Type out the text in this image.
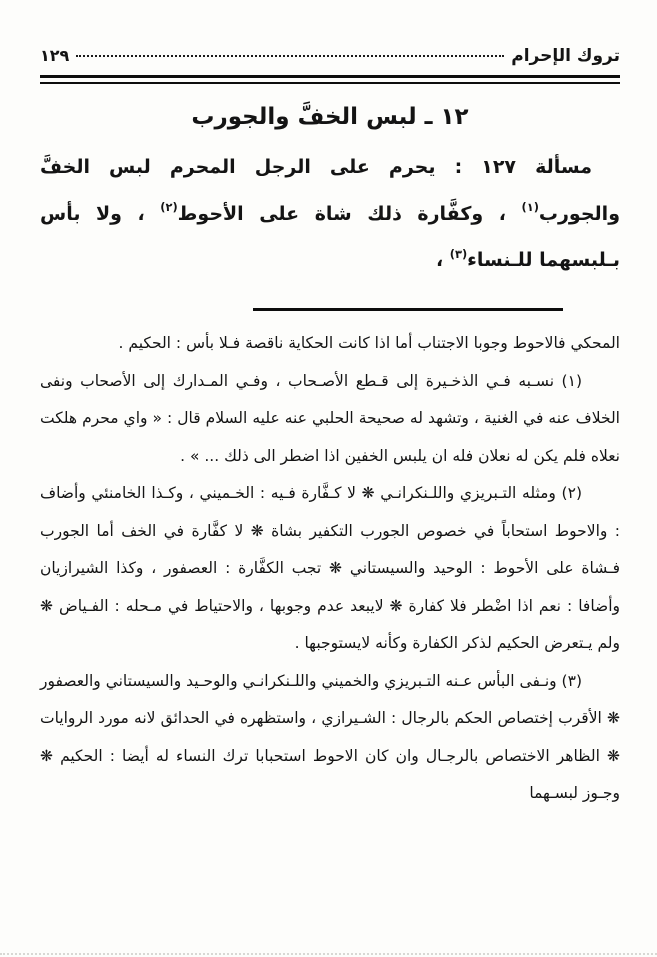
تروك الإحرام
١٢٩
١٢ ـ لبس الخفَّ والجورب

مسألة ١٢٧ : يحرم على الرجل المحرم لبس الخفَّ والجورب$^{(١)}$ ، وكفَّارة ذلك شاة على الأحوط$^{(٢)}$ ، ولا بأس بـلبسهما للـنساء$^{(٣)}$ ،

المحكي فالاحوط وجوبا الاجتناب أما اذا كانت الحكاية ناقصة فـلا بأس : الحكيم .

(١) نسـبه فـي الذخـيرة إلى قـطع الأصـحاب ، وفـي المـدارك إلى الأصحاب ونفى الخلاف عنه في الغنية ، وتشهد له صحيحة الحلبي عنه عليه السلام قال : « واي محرم هلكت نعلاه فلم يكن له نعلان فله ان يلبس الخفين اذا اضطر الى ذلك ... » .

(٢) ومثله التـبريزي واللـنكرانـي ❋ لا كـفَّارة فـيه : الخـميني ، وكـذا الخامنئي وأضاف : والاحوط استحاباً في خصوص الجورب التكفير بشاة ❋ لا كفَّارة في الخف أما الجورب فـشاة على الأحوط : الوحيد والسيستاني ❋ تجب الكفَّارة : العصفور ، وكذا الشيرازيان وأضافا : نعم اذا اضْطر فلا كفارة ❋ لايبعد عدم وجوبها ، والاحتياط في مـحله : الفـياض ❋ ولم يـتعرض الحكيم لذكر الكفارة وكأنه لايستوجبها .

(٣) ونـفى البأس عـنه التـبريزي والخميني واللـنكرانـي والوحـيد والسيستاني والعصفور ❋ الأقرب إختصاص الحكم بالرجال : الشـيرازي ، واستظهره في الحدائق لانه مورد الروايات ❋ الظاهر الاختصاص بالرجـال وان كان الاحوط استحبابا ترك النساء له أيضا : الحكيم ❋ وجـوز لبسـهما
